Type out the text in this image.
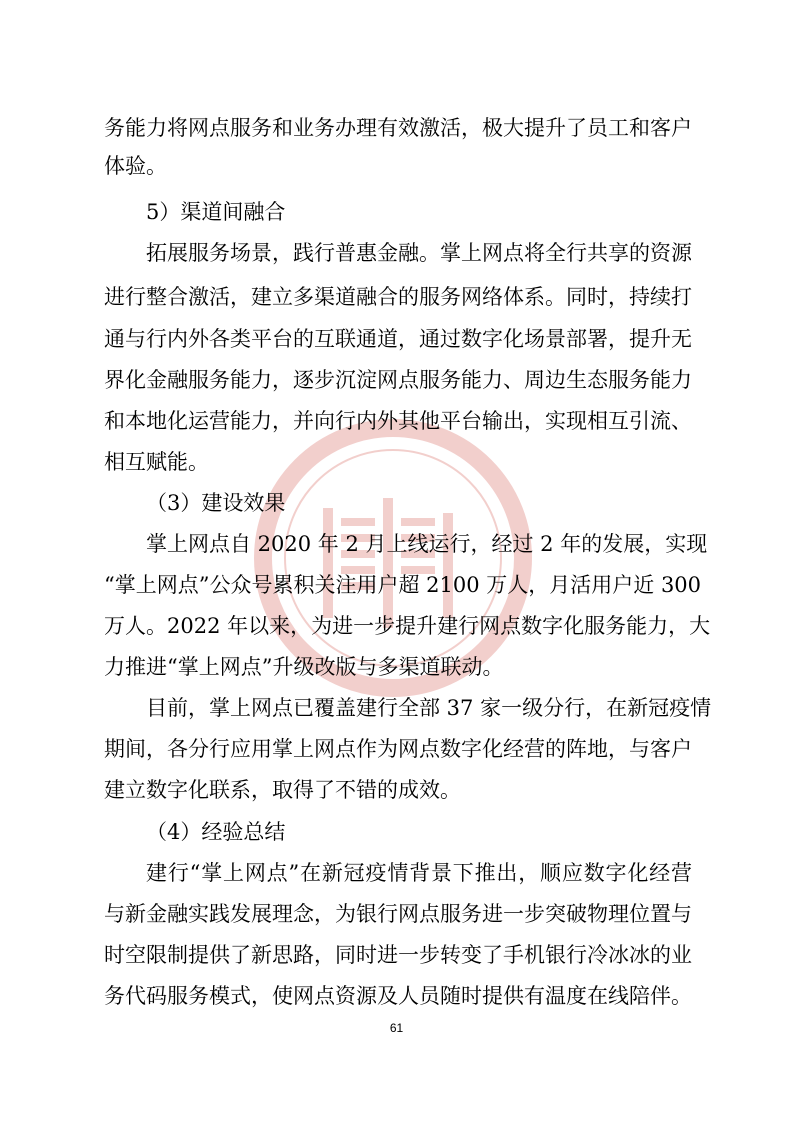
务能力将网点服务和业务办理有效激活，极大提升了员工和客户
体验。
5）渠道间融合
拓展服务场景，践行普惠金融。掌上网点将全行共享的资源
进行整合激活，建立多渠道融合的服务网络体系。同时，持续打
通与行内外各类平台的互联通道，通过数字化场景部署，提升无
界化金融服务能力，逐步沉淀网点服务能力、周边生态服务能力
和本地化运营能力，并向行内外其他平台输出，实现相互引流、
相互赋能。
（3）建设效果
掌上网点自 2020 年 2 月上线运行，经过 2 年的发展，实现
“掌上网点”公众号累积关注用户超 2100 万人，月活用户近 300
万人。2022 年以来，为进一步提升建行网点数字化服务能力，大
力推进“掌上网点”升级改版与多渠道联动。
目前，掌上网点已覆盖建行全部 37 家一级分行，在新冠疫情
期间，各分行应用掌上网点作为网点数字化经营的阵地，与客户
建立数字化联系，取得了不错的成效。
（4）经验总结
建行“掌上网点”在新冠疫情背景下推出，顺应数字化经营
与新金融实践发展理念，为银行网点服务进一步突破物理位置与
时空限制提供了新思路，同时进一步转变了手机银行冷冰冰的业
务代码服务模式，使网点资源及人员随时提供有温度在线陪伴。
61
